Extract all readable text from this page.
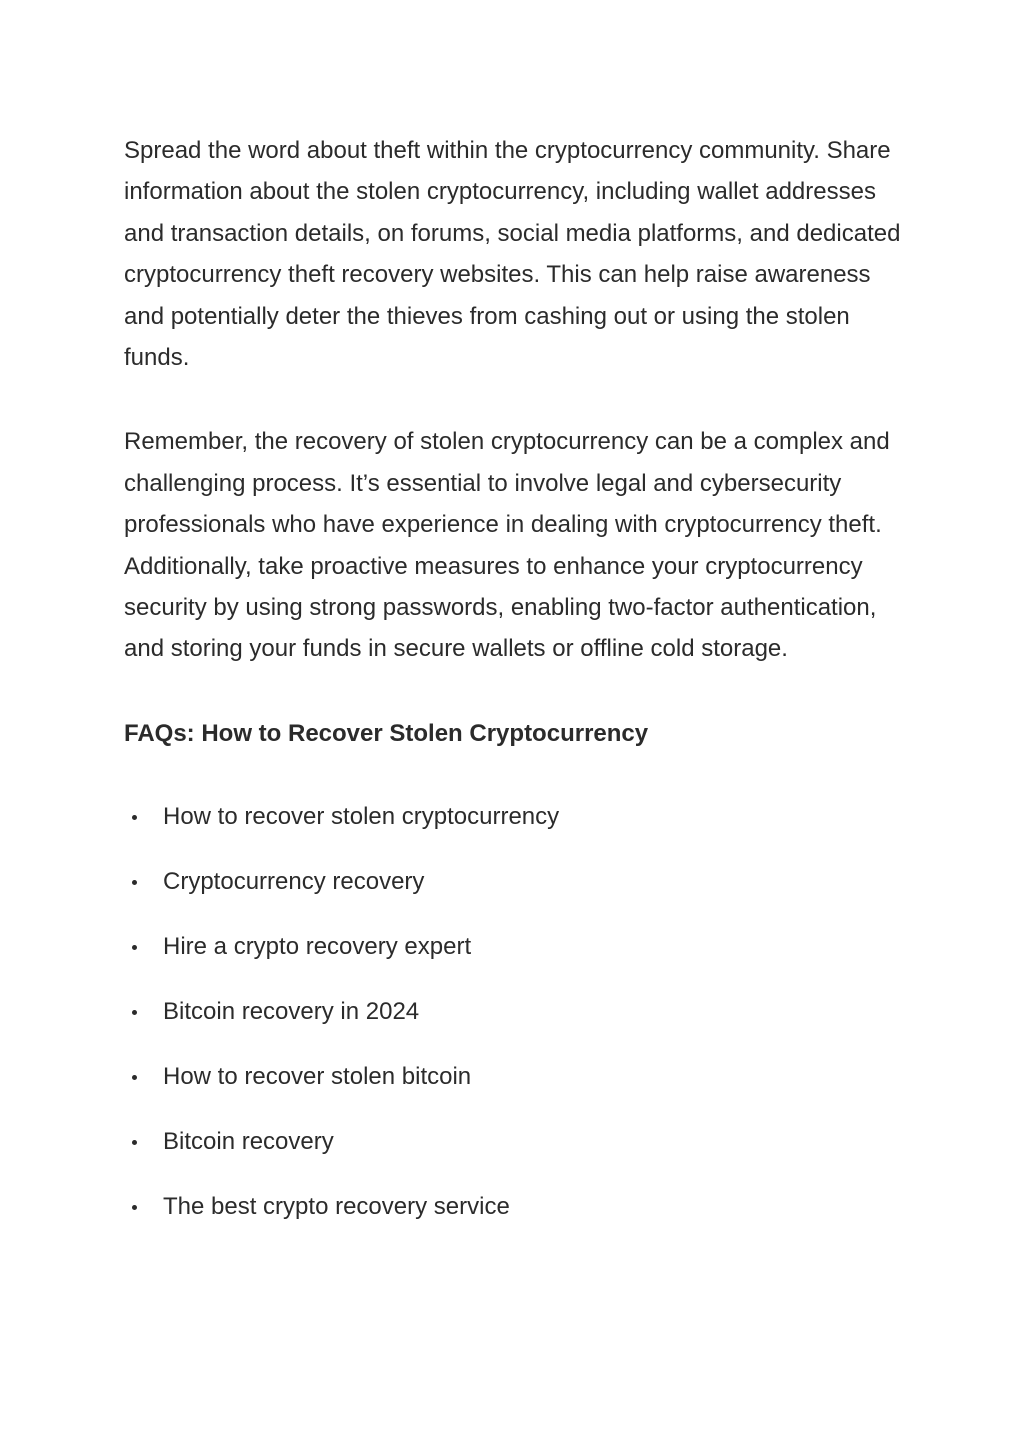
Spread the word about theft within the cryptocurrency community. Share information about the stolen cryptocurrency, including wallet addresses and transaction details, on forums, social media platforms, and dedicated cryptocurrency theft recovery websites. This can help raise awareness and potentially deter the thieves from cashing out or using the stolen funds.

Remember, the recovery of stolen cryptocurrency can be a complex and challenging process. It’s essential to involve legal and cybersecurity professionals who have experience in dealing with cryptocurrency theft. Additionally, take proactive measures to enhance your cryptocurrency security by using strong passwords, enabling two-factor authentication, and storing your funds in secure wallets or offline cold storage.

FAQs: How to Recover Stolen Cryptocurrency
How to recover stolen cryptocurrency
Cryptocurrency recovery
Hire a crypto recovery expert
Bitcoin recovery in 2024
How to recover stolen bitcoin
Bitcoin recovery
The best crypto recovery service
